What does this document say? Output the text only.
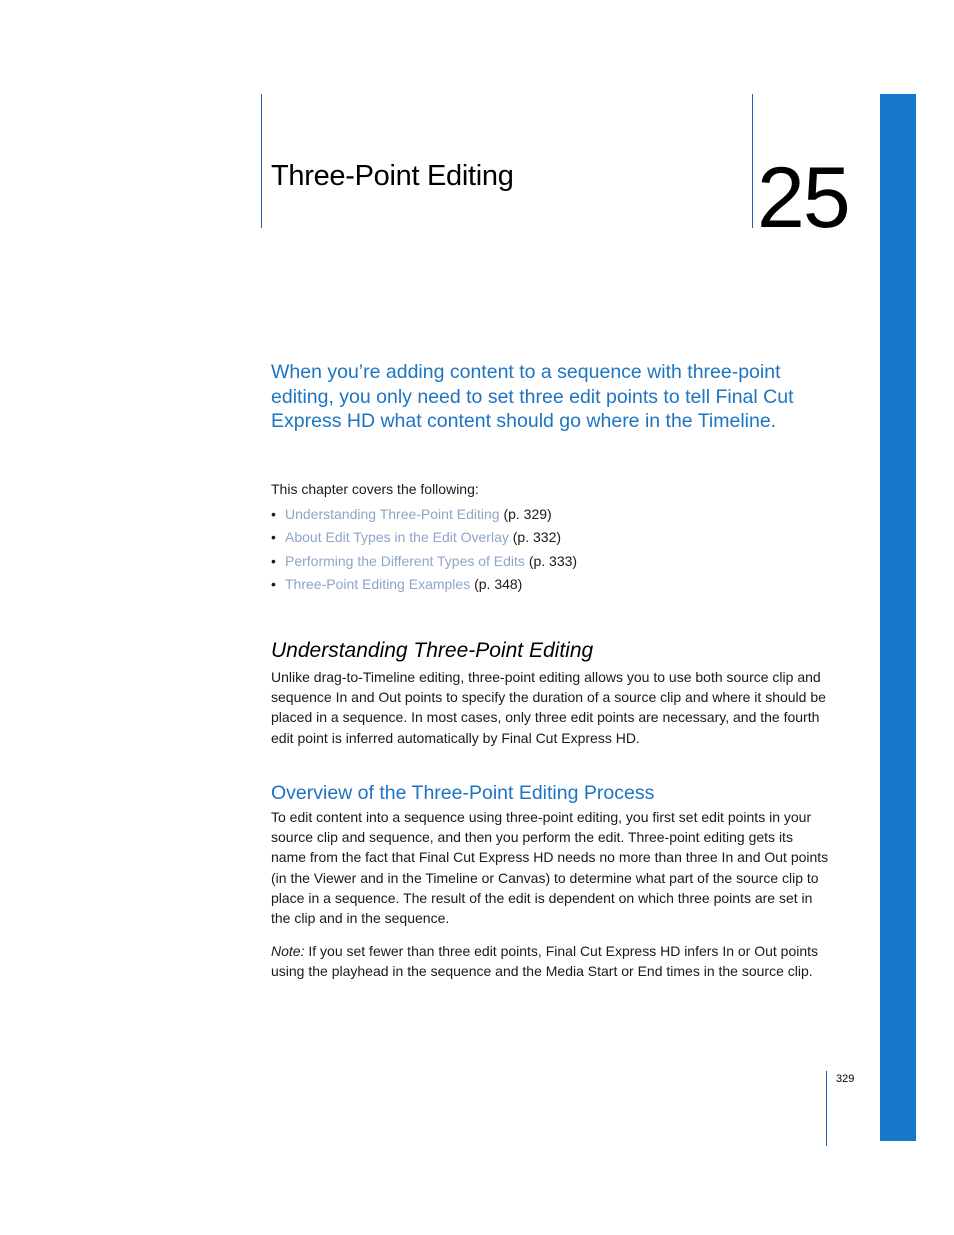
Three-Point Editing	25

When you’re adding content to a sequence with three-point editing, you only need to set three edit points to tell Final Cut Express HD what content should go where in the Timeline.

This chapter covers the following:
• Understanding Three-Point Editing (p. 329)
• About Edit Types in the Edit Overlay (p. 332)
• Performing the Different Types of Edits (p. 333)
• Three-Point Editing Examples (p. 348)
Understanding Three-Point Editing

Unlike drag-to-Timeline editing, three-point editing allows you to use both source clip and sequence In and Out points to specify the duration of a source clip and where it should be placed in a sequence. In most cases, only three edit points are necessary, and the fourth edit point is inferred automatically by Final Cut Express HD.

Overview of the Three-Point Editing Process

To edit content into a sequence using three-point editing, you first set edit points in your source clip and sequence, and then you perform the edit. Three-point editing gets its name from the fact that Final Cut Express HD needs no more than three In and Out points (in the Viewer and in the Timeline or Canvas) to determine what part of the source clip to place in a sequence. The result of the edit is dependent on which three points are set in the clip and in the sequence.

Note: If you set fewer than three edit points, Final Cut Express HD infers In or Out points using the playhead in the sequence and the Media Start or End times in the source clip.

329
